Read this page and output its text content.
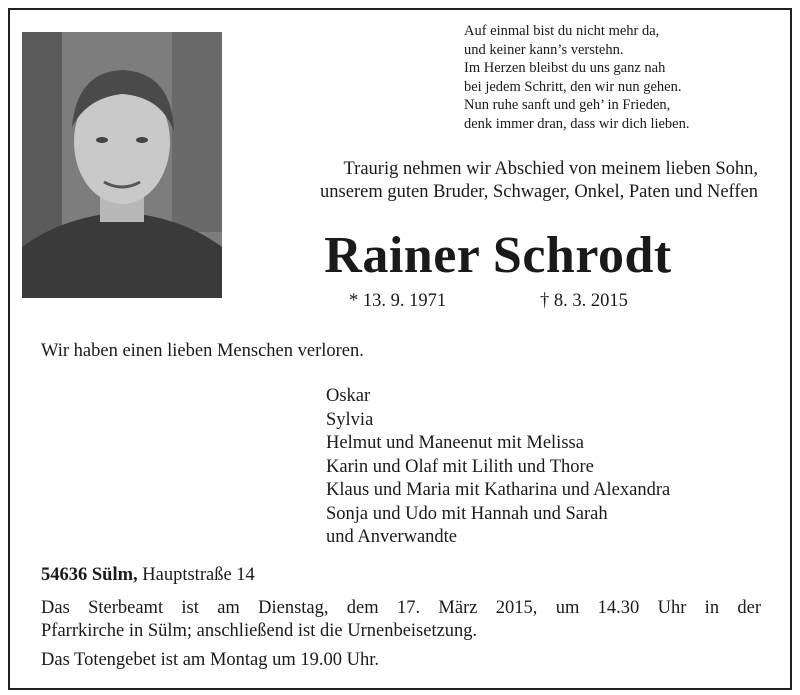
Auf einmal bist du nicht mehr da,
und keiner kann’s verstehn.
Im Herzen bleibst du uns ganz nah
bei jedem Schritt, den wir nun gehen.
Nun ruhe sanft und geh’ in Frieden,
denk immer dran, dass wir dich lieben.
Traurig nehmen wir Abschied von meinem lieben Sohn,
unserem guten Bruder, Schwager, Onkel, Paten und Neffen
Rainer Schrodt
* 13. 9. 1971	† 8. 3. 2015
Wir haben einen lieben Menschen verloren.
Oskar
Sylvia
Helmut und Maneenut mit Melissa
Karin und Olaf mit Lilith und Thore
Klaus und Maria mit Katharina und Alexandra
Sonja und Udo mit Hannah und Sarah
und Anverwandte
54636 Sülm, Hauptstraße 14
Das Sterbeamt ist am Dienstag, dem 17. März 2015, um 14.30 Uhr in der
Pfarrkirche in Sülm; anschließend ist die Urnenbeisetzung.
Das Totengebet ist am Montag um 19.00 Uhr.
